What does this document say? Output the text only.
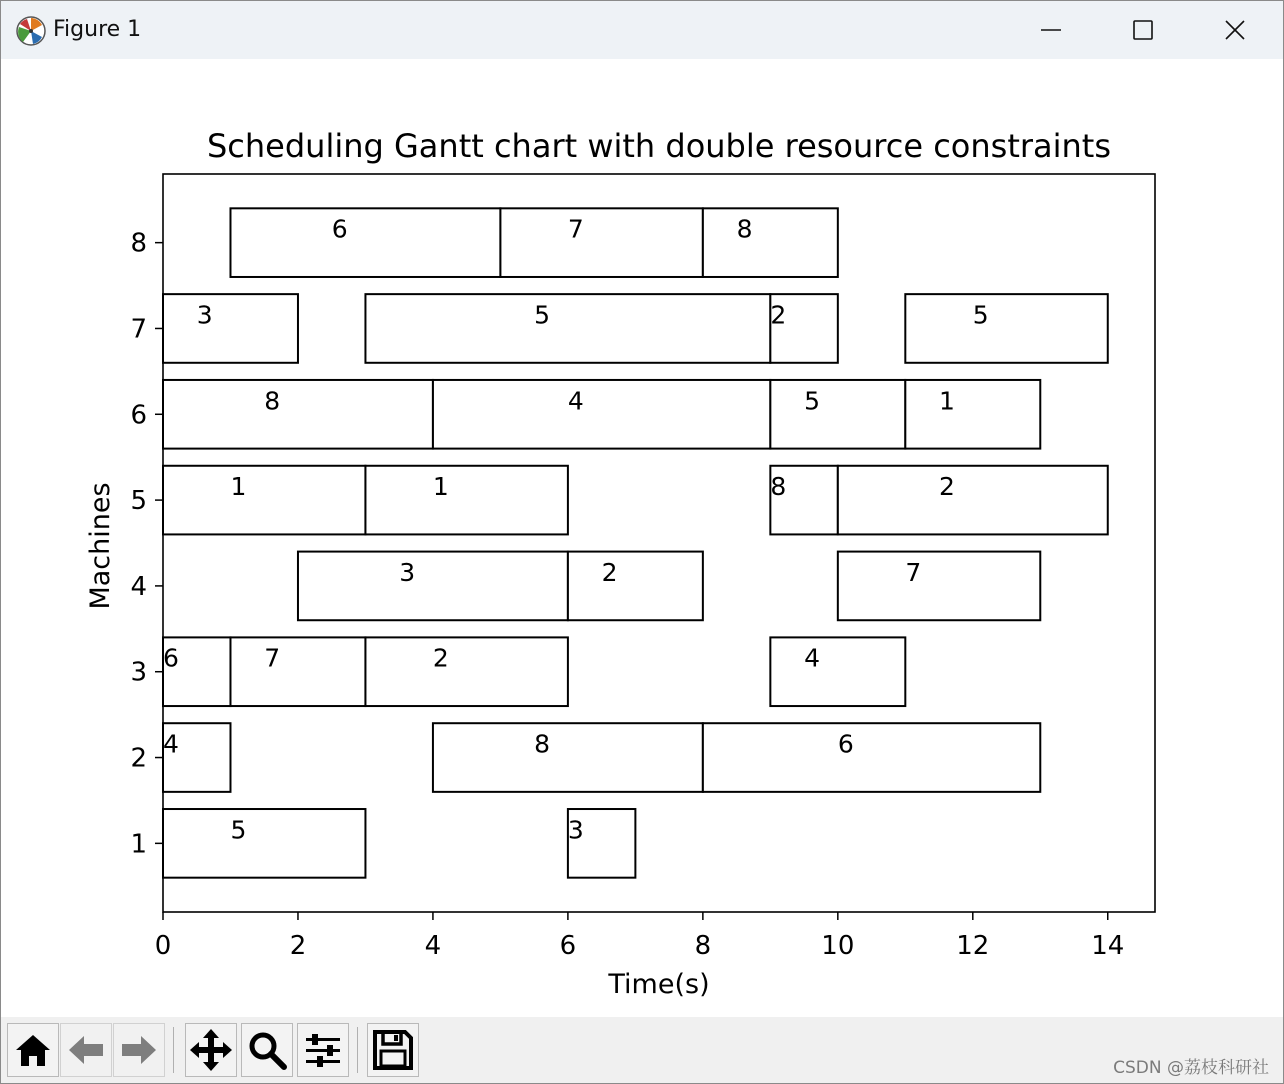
Figure 1
Scheduling Gantt chart with double resource constraints
6	7	8
3	5	2	5
8	4	5	1
1	1	8	2
3	2	7
6	7	2	4
4	8	6
5	3
0	2	4	6	8	10	12	14
1
2
3
4
5
6
7
8
Time(s)
Machines
CSDN @荔枝科研社
